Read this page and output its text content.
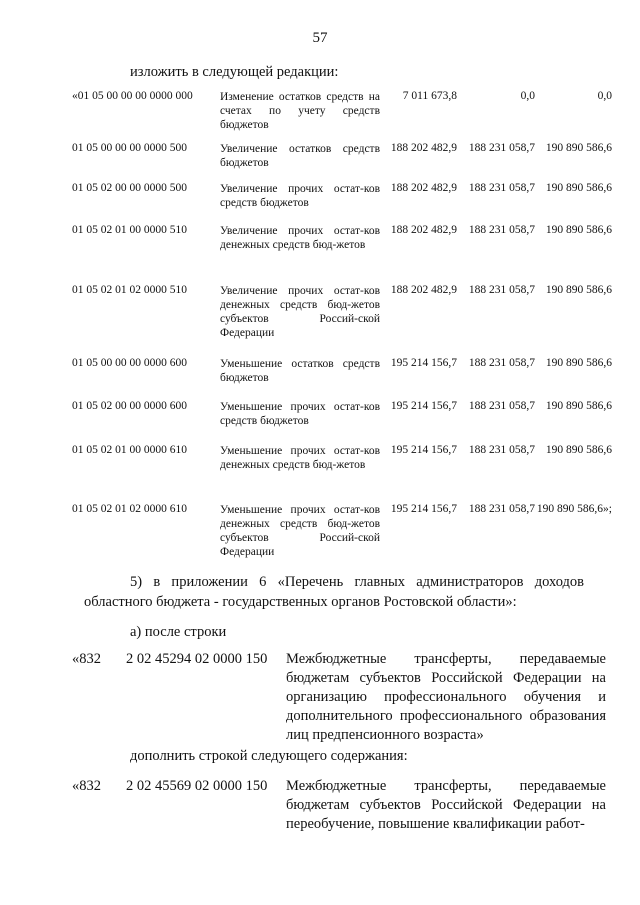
57
изложить в следующей редакции:
«01 05 00 00 00 0000 000 Изменение остатков средств на счетах по учету средств бюджетов
7 011 673,8	0,0	0,0
01 05 00 00 00 0000 500	Увеличение остатков средств бюджетов
188 202 482,9 188 231 058,7 190 890 586,6
01 05 02 00 00 0000 500	Увеличение прочих остат-ков средств бюджетов
188 202 482,9 188 231 058,7 190 890 586,6
01 05 02 01 00 0000 510	Увеличение прочих остат-ков денежных средств бюд-жетов
188 202 482,9 188 231 058,7 190 890 586,6
01 05 02 01 02 0000 510	Увеличение прочих остат-ков денежных средств бюд-жетов субъектов Россий-ской Федерации
188 202 482,9 188 231 058,7 190 890 586,6
01 05 00 00 00 0000 600	Уменьшение остатков средств бюджетов
195 214 156,7 188 231 058,7 190 890 586,6
01 05 02 00 00 0000 600	Уменьшение прочих остат-ков средств бюджетов
195 214 156,7 188 231 058,7 190 890 586,6
01 05 02 01 00 0000 610	Уменьшение прочих остат-ков денежных средств бюд-жетов
195 214 156,7 188 231 058,7 190 890 586,6
01 05 02 01 02 0000 610	Уменьшение прочих остат-ков денежных средств бюд-жетов субъектов Россий-ской Федерации
195 214 156,7 188 231 058,7 190 890 586,6»;
5) в приложении 6 «Перечень главных администраторов доходов областного бюджета - государственных органов Ростовской области»:
а) после строки
«832 2 02 45294 02 0000 150 Межбюджетные трансферты, передаваемые бюджетам субъектов Российской Федерации на организацию профессионального обучения и дополнительного профессионального образования лиц предпенсионного возраста»
дополнить строкой следующего содержания:
«832 2 02 45569 02 0000 150 Межбюджетные трансферты, передаваемые бюджетам субъектов Российской Федерации на переобучение, повышение квалификации работ-
